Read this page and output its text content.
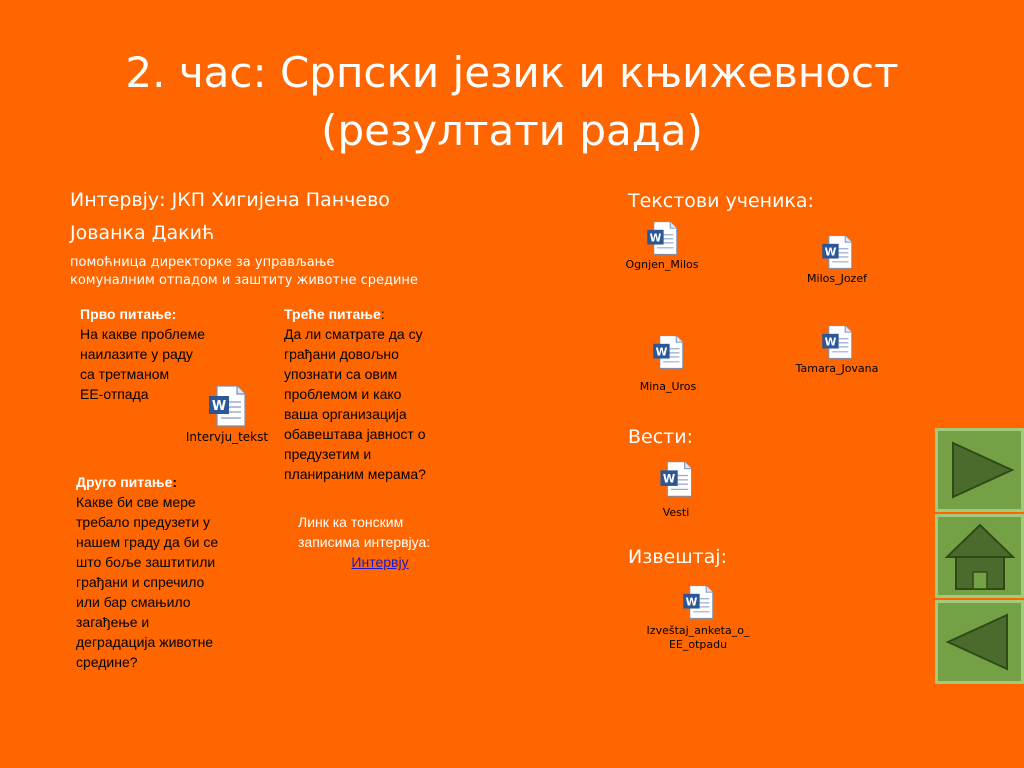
2. час: Српски језик и књижевност
(резултати рада)
Интервју: ЈКП Хигијена Панчево
Јованка Дакић
помоћница директорке за управљање
комуналним отпадом и заштиту животне средине
Прво питање:
На какве проблеме
наилазите у раду
са третманом
ЕЕ-отпада
Друго питање:
Какве би све мере
требало предузети у
нашем граду да би се
што боље заштитили
грађани и спречило
или бар смањило
загађење и
деградација животне
средине?
Треће питање:
Да ли сматрате да су
грађани довољно
упознати са овим
проблемом и како
ваша организација
обавештава јавност о
предузетим и
планираним мерама?
Линк ка тонским
записима интервјуа:
Интервју
Текстови ученика:
Вести:
Извештај:
W
Intervju_tekst
W
Ognjen_Milos
W
Milos_Jozef
W
Mina_Uros
W
Tamara_Jovana
W
Vesti
W
Izveštaj_anketa_o_
EE_otpadu
